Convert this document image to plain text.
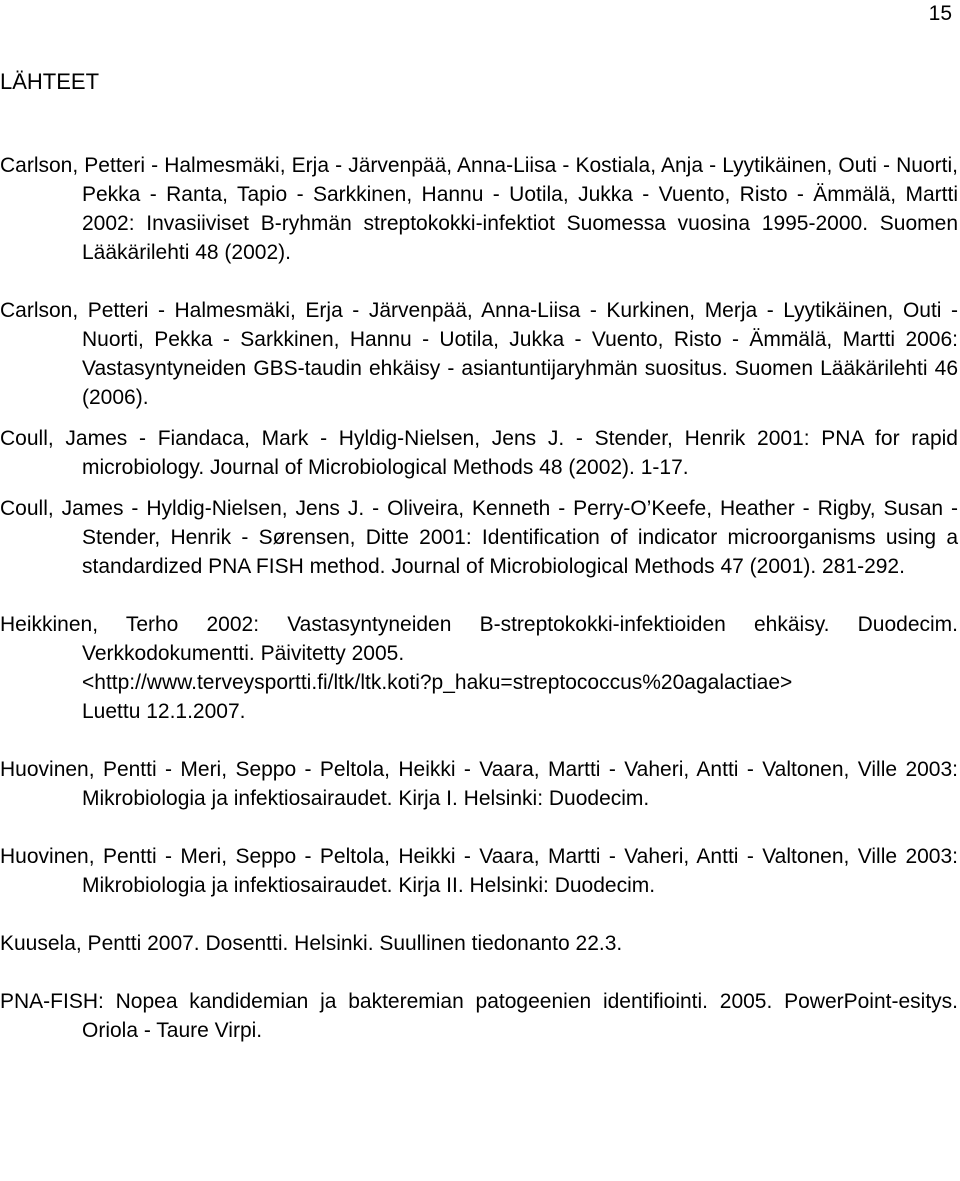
15
LÄHTEET
Carlson, Petteri - Halmesmäki, Erja - Järvenpää, Anna-Liisa - Kostiala, Anja - Lyytikäinen, Outi - Nuorti, Pekka - Ranta, Tapio - Sarkkinen, Hannu - Uotila, Jukka - Vuento, Risto - Ämmälä, Martti 2002: Invasiiviset B-ryhmän streptokokki-infektiot Suomessa vuosina 1995-2000. Suomen Lääkärilehti 48 (2002).
Carlson, Petteri - Halmesmäki, Erja - Järvenpää, Anna-Liisa - Kurkinen, Merja - Lyytikäinen, Outi - Nuorti, Pekka - Sarkkinen, Hannu - Uotila, Jukka - Vuento, Risto - Ämmälä, Martti 2006: Vastasyntyneiden GBS-taudin ehkäisy - asiantuntijaryhmän suositus. Suomen Lääkärilehti 46 (2006).
Coull, James - Fiandaca, Mark - Hyldig-Nielsen, Jens J. - Stender, Henrik 2001: PNA for rapid microbiology. Journal of Microbiological Methods 48 (2002). 1-17.
Coull, James - Hyldig-Nielsen, Jens J. - Oliveira, Kenneth - Perry-O’Keefe, Heather - Rigby, Susan - Stender, Henrik - Sørensen, Ditte 2001: Identification of indicator microorganisms using a standardized PNA FISH method. Journal of Microbiological Methods 47 (2001). 281-292.
Heikkinen, Terho 2002: Vastasyntyneiden B-streptokokki-infektioiden ehkäisy. Duodecim. Verkkodokumentti. Päivitetty 2005.
<http://www.terveysportti.fi/ltk/ltk.koti?p_haku=streptococcus%20agalactiae>
Luettu 12.1.2007.
Huovinen, Pentti - Meri, Seppo - Peltola, Heikki - Vaara, Martti - Vaheri, Antti - Valtonen, Ville 2003: Mikrobiologia ja infektiosairaudet. Kirja I. Helsinki: Duodecim.
Huovinen, Pentti - Meri, Seppo - Peltola, Heikki - Vaara, Martti - Vaheri, Antti - Valtonen, Ville 2003: Mikrobiologia ja infektiosairaudet. Kirja II. Helsinki: Duodecim.
Kuusela, Pentti 2007. Dosentti. Helsinki. Suullinen tiedonanto 22.3.
PNA-FISH: Nopea kandidemian ja bakteremian patogeenien identifiointi. 2005. PowerPoint-esitys. Oriola - Taure Virpi.
